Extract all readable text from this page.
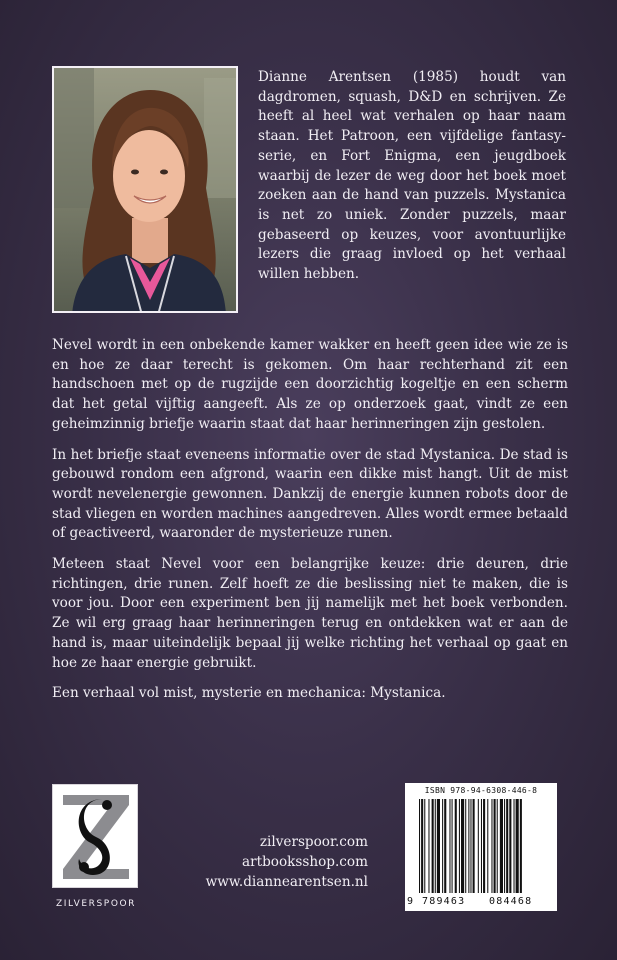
Dianne Arentsen (1985) houdt van dagdromen, squash, D&D en schrijven. Ze heeft al heel wat verhalen op haar naam staan. Het Patroon, een vijfdelige fantasy-serie, en Fort Enigma, een jeugdboek waarbij de lezer de weg door het boek moet zoeken aan de hand van puzzels. Mystanica is net zo uniek. Zonder puzzels, maar gebaseerd op keuzes, voor avontuurlijke lezers die graag invloed op het verhaal willen hebben.

Nevel wordt in een onbekende kamer wakker en heeft geen idee wie ze is en hoe ze daar terecht is gekomen. Om haar rechterhand zit een handschoen met op de rugzijde een doorzichtig kogeltje en een scherm dat het getal vijftig aangeeft. Als ze op onderzoek gaat, vindt ze een geheimzinnig briefje waarin staat dat haar herinneringen zijn gestolen.

In het briefje staat eveneens informatie over de stad Mystanica. De stad is gebouwd rondom een afgrond, waarin een dikke mist hangt. Uit de mist wordt nevelenergie gewonnen. Dankzij de energie kunnen robots door de stad vliegen en worden machines aangedreven. Alles wordt ermee betaald of geactiveerd, waaronder de mysterieuze runen.

Meteen staat Nevel voor een belangrijke keuze: drie deuren, drie richtingen, drie runen. Zelf hoeft ze die beslissing niet te maken, die is voor jou. Door een experiment ben jij namelijk met het boek verbonden. Ze wil erg graag haar herinneringen terug en ontdekken wat er aan de hand is, maar uiteindelijk bepaal jij welke richting het verhaal op gaat en hoe ze haar energie gebruikt.

Een verhaal vol mist, mysterie en mechanica: Mystanica.

ZILVERSPOOR
zilverspoor.com
artbooksshop.com
www.diannearentsen.nl
ISBN 978-94-6308-446-8
9 789463 084468
